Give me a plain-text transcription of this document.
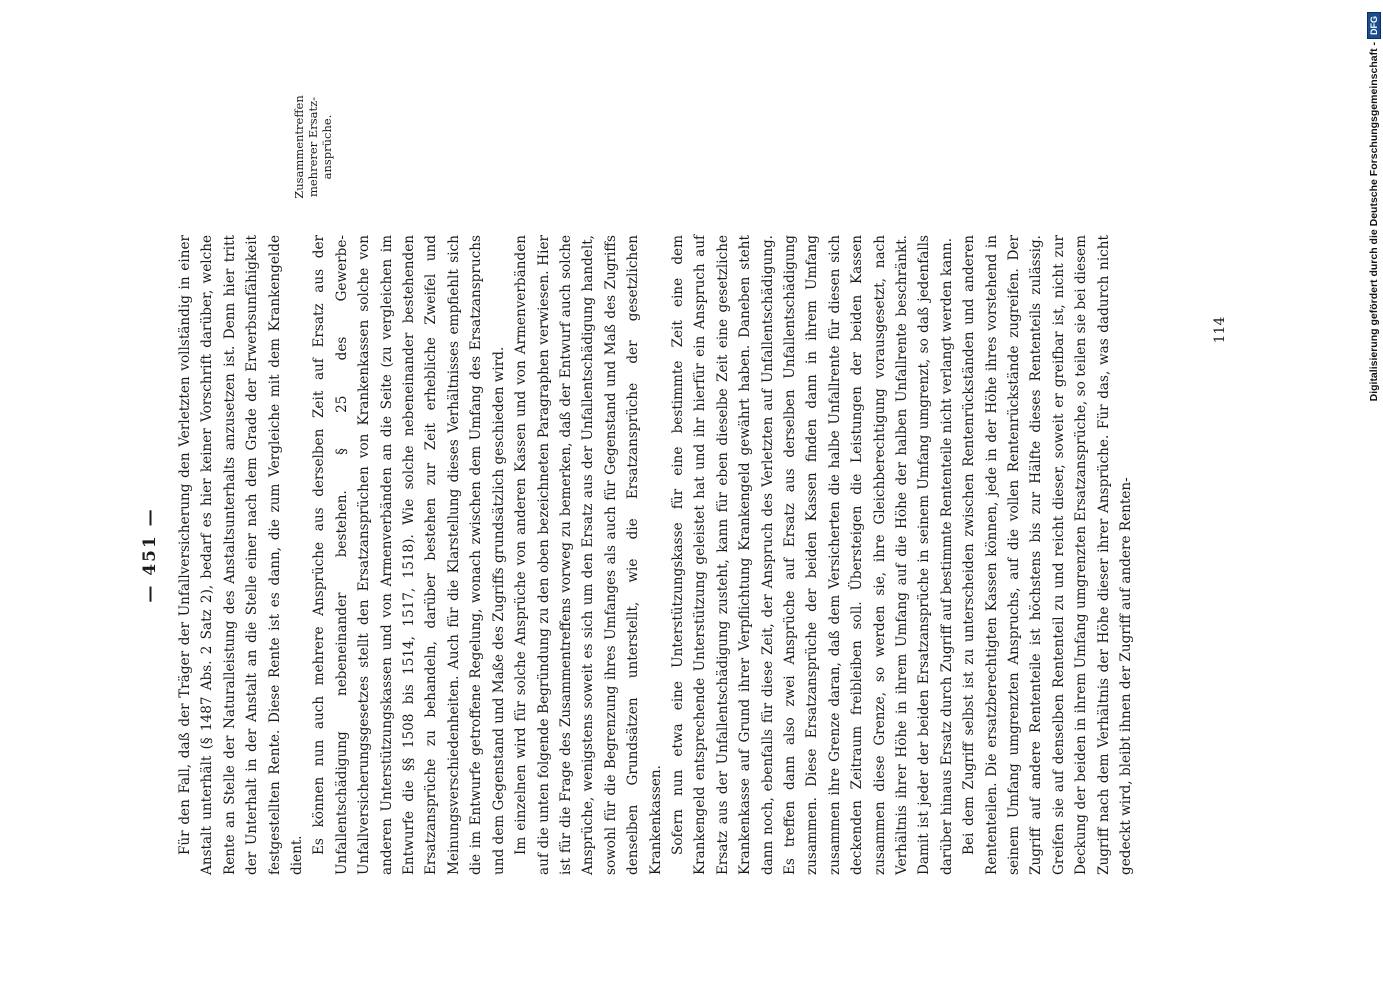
— 451 — Für den Fall, daß der Träger der Unfallversicherung den Verletzten vollständig in einer Anstalt unterhält (§ 1487 Abs. 2 Satz 2), bedarf es hier keiner Vorschrift darüber, welche Rente an Stelle der Naturalleistung des Anstaltsunterhalts anzusetzen ist. Denn hier tritt der Unterhalt in der Anstalt an die Stelle einer nach dem Grade der Erwerbsunfähigkeit festgestellten Rente. Diese Rente ist es dann, die zum Vergleiche mit dem Krankengelde dient.

Es können nun auch mehrere Ansprüche aus derselben Zeit auf Ersatz aus der Unfallentschädigung nebeneinander bestehen. § 25 des Gewerbe-Unfallversicherungsgesetzes stellt den Ersatzansprüchen von Krankenkassen solche von anderen Unterstützungskassen und von Armenverbänden an die Seite (zu vergleichen im Entwurfe die §§ 1508 bis 1514, 1517, 1518). Wie solche nebeneinander bestehenden Ersatzansprüche zu behandeln, darüber bestehen zur Zeit erhebliche Zweifel und Meinungsverschiedenheiten. Auch für die Klarstellung dieses Verhältnisses empfiehlt sich die im Entwurfe getroffene Regelung, wonach zwischen dem Umfang des Ersatzanspruchs und dem Gegenstand und Maße des Zugriffs grundsätzlich geschieden wird. Im einzelnen wird für solche Ansprüche von anderen Kassen und von Armenverbänden auf die unten folgende Begründung zu den oben bezeichneten Paragraphen verwiesen. Hier ist für die Frage des Zusammentreffens vorweg zu bemerken, daß der Entwurf auch solche Ansprüche, wenigstens soweit es sich um den Ersatz aus der Unfallentschädigung handelt, sowohl für die Begrenzung ihres Umfanges als auch für Gegenstand und Maß des Zugriffs denselben Grundsätzen unterstellt, wie die Ersatzansprüche der gesetzlichen Krankenkassen. Sofern nun etwa eine Unterstützungskasse für eine bestimmte Zeit eine dem Krankengeld entsprechende Unterstützung geleistet hat und ihr hierfür ein Anspruch auf Ersatz aus der Unfallentschädigung zusteht, kann für eben dieselbe Zeit eine gesetzliche Krankenkasse auf Grund ihrer Verpflichtung Krankengeld gewährt haben. Daneben steht dann noch, ebenfalls für diese Zeit, der Anspruch des Verletzten auf Unfallentschädigung. Es treffen dann also zwei Ansprüche auf Ersatz aus derselben Unfallentschädigung zusammen. Diese Ersatzansprüche der beiden Kassen finden dann in ihrem Umfang zusammen ihre Grenze daran, daß dem Versicherten die halbe Unfallrente für diesen sich deckenden Zeitraum freibleiben soll. Übersteigen die Leistungen der beiden Kassen zusammen diese Grenze, so werden sie, ihre Gleichberechtigung vorausgesetzt, nach Verhältnis ihrer Höhe in ihrem Umfang auf die Höhe der halben Unfallrente beschränkt. Damit ist jeder der beiden Ersatzansprüche in seinem Umfang umgrenzt, so daß jedenfalls darüber hinaus Ersatz durch Zugriff auf bestimmte Rententeile nicht verlangt werden kann. Bei dem Zugriff selbst ist zu unterscheiden zwischen Rentenrückständen und anderen Rententeilen. Die ersatzberechtigten Kassen können, jede in der Höhe ihres vorstehend in seinem Umfang umgrenzten Anspruchs, auf die vollen Rentenrückstände zugreifen. Der Zugriff auf andere Rententeile ist höchstens bis zur Hälfte dieses Rententeils zulässig. Greifen sie auf denselben Rententeil zu und reicht dieser, soweit er greifbar ist, nicht zur Deckung der beiden in ihrem Umfang umgrenzten Ersatzansprüche, so teilen sie bei diesem Zugriff nach dem Verhältnis der Höhe dieser ihrer Ansprüche. Für das, was dadurch nicht gedeckt wird, bleibt ihnen der Zugriff auf andere Renten-

Zusammentreffen mehrerer Ersatz-ansprüche.
114	Digitalisierung gefördert durch die Deutsche Forschungsgemeinschaft -
DFG
